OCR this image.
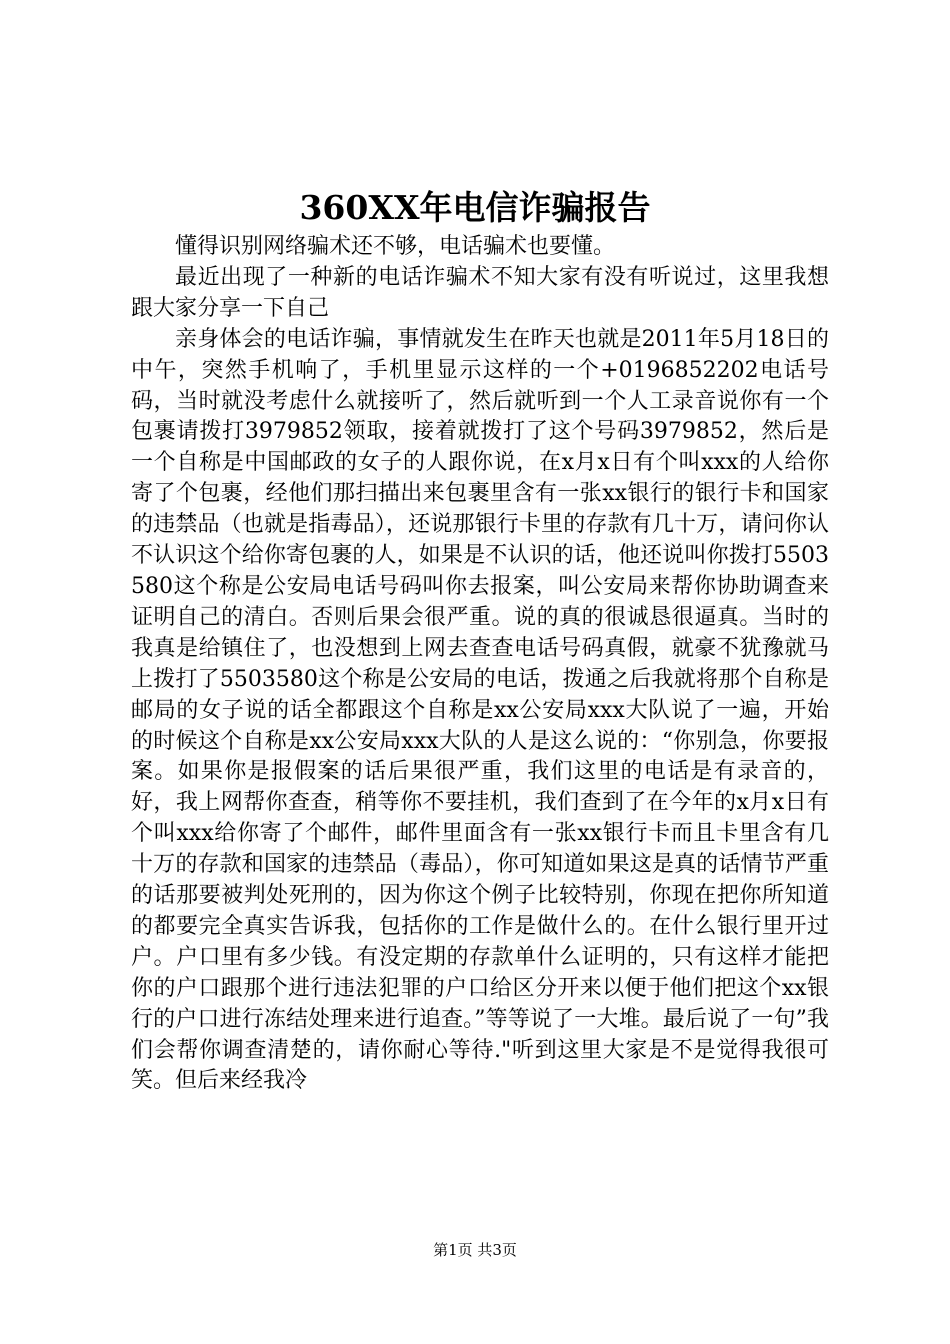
360XX年电信诈骗报告

懂得识别网络骗术还不够，电话骗术也要懂。

最近出现了一种新的电话诈骗术不知大家有没有听说过，这里我想跟大家分享一下自己

亲身体会的电话诈骗，事情就发生在昨天也就是2011年5月18日的中午，突然手机响了，手机里显示这样的一个+0196852202电话号码，当时就没考虑什么就接听了，然后就听到一个人工录音说你有一个包裹请拨打3979852领取，接着就拨打了这个号码3979852，然后是一个自称是中国邮政的女子的人跟你说，在x月x日有个叫xxx的人给你寄了个包裹，经他们那扫描出来包裹里含有一张xx银行的银行卡和国家的违禁品（也就是指毒品），还说那银行卡里的存款有几十万，请问你认不认识这个给你寄包裹的人，如果是不认识的话，他还说叫你拨打5503580这个称是公安局电话号码叫你去报案，叫公安局来帮你协助调查来证明自己的清白。否则后果会很严重。说的真的很诚恳很逼真。当时的我真是给镇住了，也没想到上网去查查电话号码真假，就豪不犹豫就马上拨打了5503580这个称是公安局的电话，拨通之后我就将那个自称是邮局的女子说的话全都跟这个自称是xx公安局xxx大队说了一遍，开始的时候这个自称是xx公安局xxx大队的人是这么说的：“你别急，你要报案。如果你是报假案的话后果很严重，我们这里的电话是有录音的，好，我上网帮你查查，稍等你不要挂机，我们查到了在今年的x月x日有个叫xxx给你寄了个邮件，邮件里面含有一张xx银行卡而且卡里含有几十万的存款和国家的违禁品（毒品），你可知道如果这是真的话情节严重的话那要被判处死刑的，因为你这个例子比较特别，你现在把你所知道的都要完全真实告诉我，包括你的工作是做什么的。在什么银行里开过户。户口里有多少钱。有没定期的存款单什么证明的，只有这样才能把你的户口跟那个进行违法犯罪的户口给区分开来以便于他们把这个xx银行的户口进行冻结处理来进行追查。”等等说了一大堆。最后说了一句”我们会帮你调查清楚的，请你耐心等待."听到这里大家是不是觉得我很可笑。但后来经我冷

第1页 共3页
